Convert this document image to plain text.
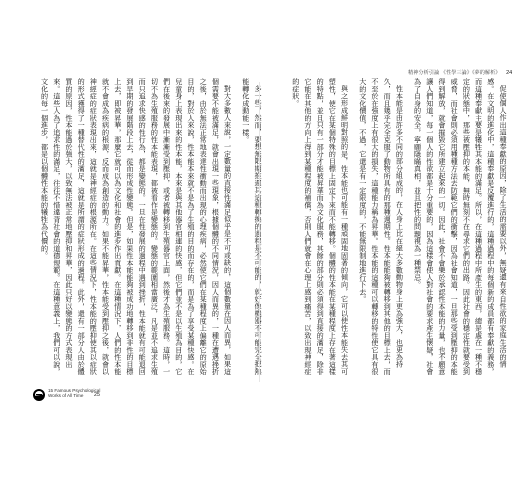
精神分析引論 《性學三論》《夢的解析》 24

能轉化成動能一樣。

對大多數人來說，一定數量的直接性滿足似乎是不可或缺的，這個數量在因人而異，如果這個需要不能被滿足，就會出現一些現象，根據個體的不同情況，因人而異的，一種在遭遇挫折之後，由於無法正常地表達性衝動而出現的心理疾病，必然使它們在某種程度上偏離它的原始目的，對於人來說，性本能本來就不是為了生殖的目的而存在的，而是為了享受某種快感。在兒童身上表現出來的性本能，本來是與其他器官相連的快感，但它們並不是以生殖為目的，它們在後來的發展中漸漸受到壓抑，或者被轉移到生殖器官上面，然後才為生殖服務。這時，一切不為生殖服務的性本能表現，都被看作是變態的。變態的範圍相當廣泛，凡是並不追求生殖而只追求快感的性行為，都是變態的。一旦在性發展的過程中遇到挫折，性本能就有可能退回到早期的發展階段上去，從而形成性變態。但是，如果性本能能夠被成功地轉移到非性的目標上去，即被昇華，那麼它就可以為文化和社會的進步作出貢獻。在這種情況下，人們的性本能就不會成為疾病的根源，反而成為創造的動力。如果不能昇華，性本能受到壓抑之後，就會以神經症的症狀表現出來，這就是神經症的根源所在。在這些情況下，性本能的壓抑使其以症狀的形式獲得了一種替代性的滿足，這就是所謂的症狀形成的過程。此外，還有一部分人由於體質的原因，性本能過於強大，以致無法被正常地壓抑和昇華，因此只好以變態的方式表現出來。這些人為了追求性的滿足，往往不惜違背社會的道德規範。在這種意義上，我們可以說，文化的每一個進步，都是以個體性本能的犧牲為代價的。	促使個人作出這種奉獻的原因，除了生活的需要以外，無疑還有來自性欲的家庭生活的情感。在文明的進化中，這種奉獻是反覆進行的，這種過程中的每個新的成員都有奉獻的義務，而這種奉獻主要是犧牲其本能的滿足。所以，在這種過程中所產生的東西，總是處在一種不穩定的狀態中，那些被壓抑的本能，無時無刻不在尋求它們的出路。因此社會的穩定性就要受到威脅，而社會則必須用種種方法去防範它們的衝擊，因為社會知道，一旦那些受到壓抑的本能得到解放，就會摧毀它所建立起來的一切。因此，社會不會樂於承認性本能的力量，也不願意讓人們知道，每一個人的性欲都是十分重要的，因為這樣會使人對社會的要求產生懷疑，社會為了自身的安全，寧願隱瞞真相，並且把性的問題視為一種禁忌。

性本能是由許多不同的部分組成的，在人身上比在絕大多數動物身上更為強大，也更為持久，而且幾乎完全克服了動物所具有的那種週期性。性本能能夠被轉移到其他的目標上去，而不至於在強度上有很大的損失，這種能力稱為昇華。性本能的這種可以轉移的特性使它具有很大的文化價值，不過，它還是有一定限度的，不能無限制地進行下去。

與之形成鮮明對照的是，性本能也可能有一種頑固地固著的傾向，它可以使性本能失去其可塑性，使它在某個特殊的目標上固定下來而不能轉移。個體的性本能在某種程度上存在著這樣的特點，並且只有一部分才能被昇華而為文化服務，其餘的部分則必須得到直接的滿足，除非它能在其他的方向上得到某種程度的補償，否則人們就會在心理上感到痛苦，以致出現神經症的症狀。

15 Famous Psychological
Works of All Time	25
